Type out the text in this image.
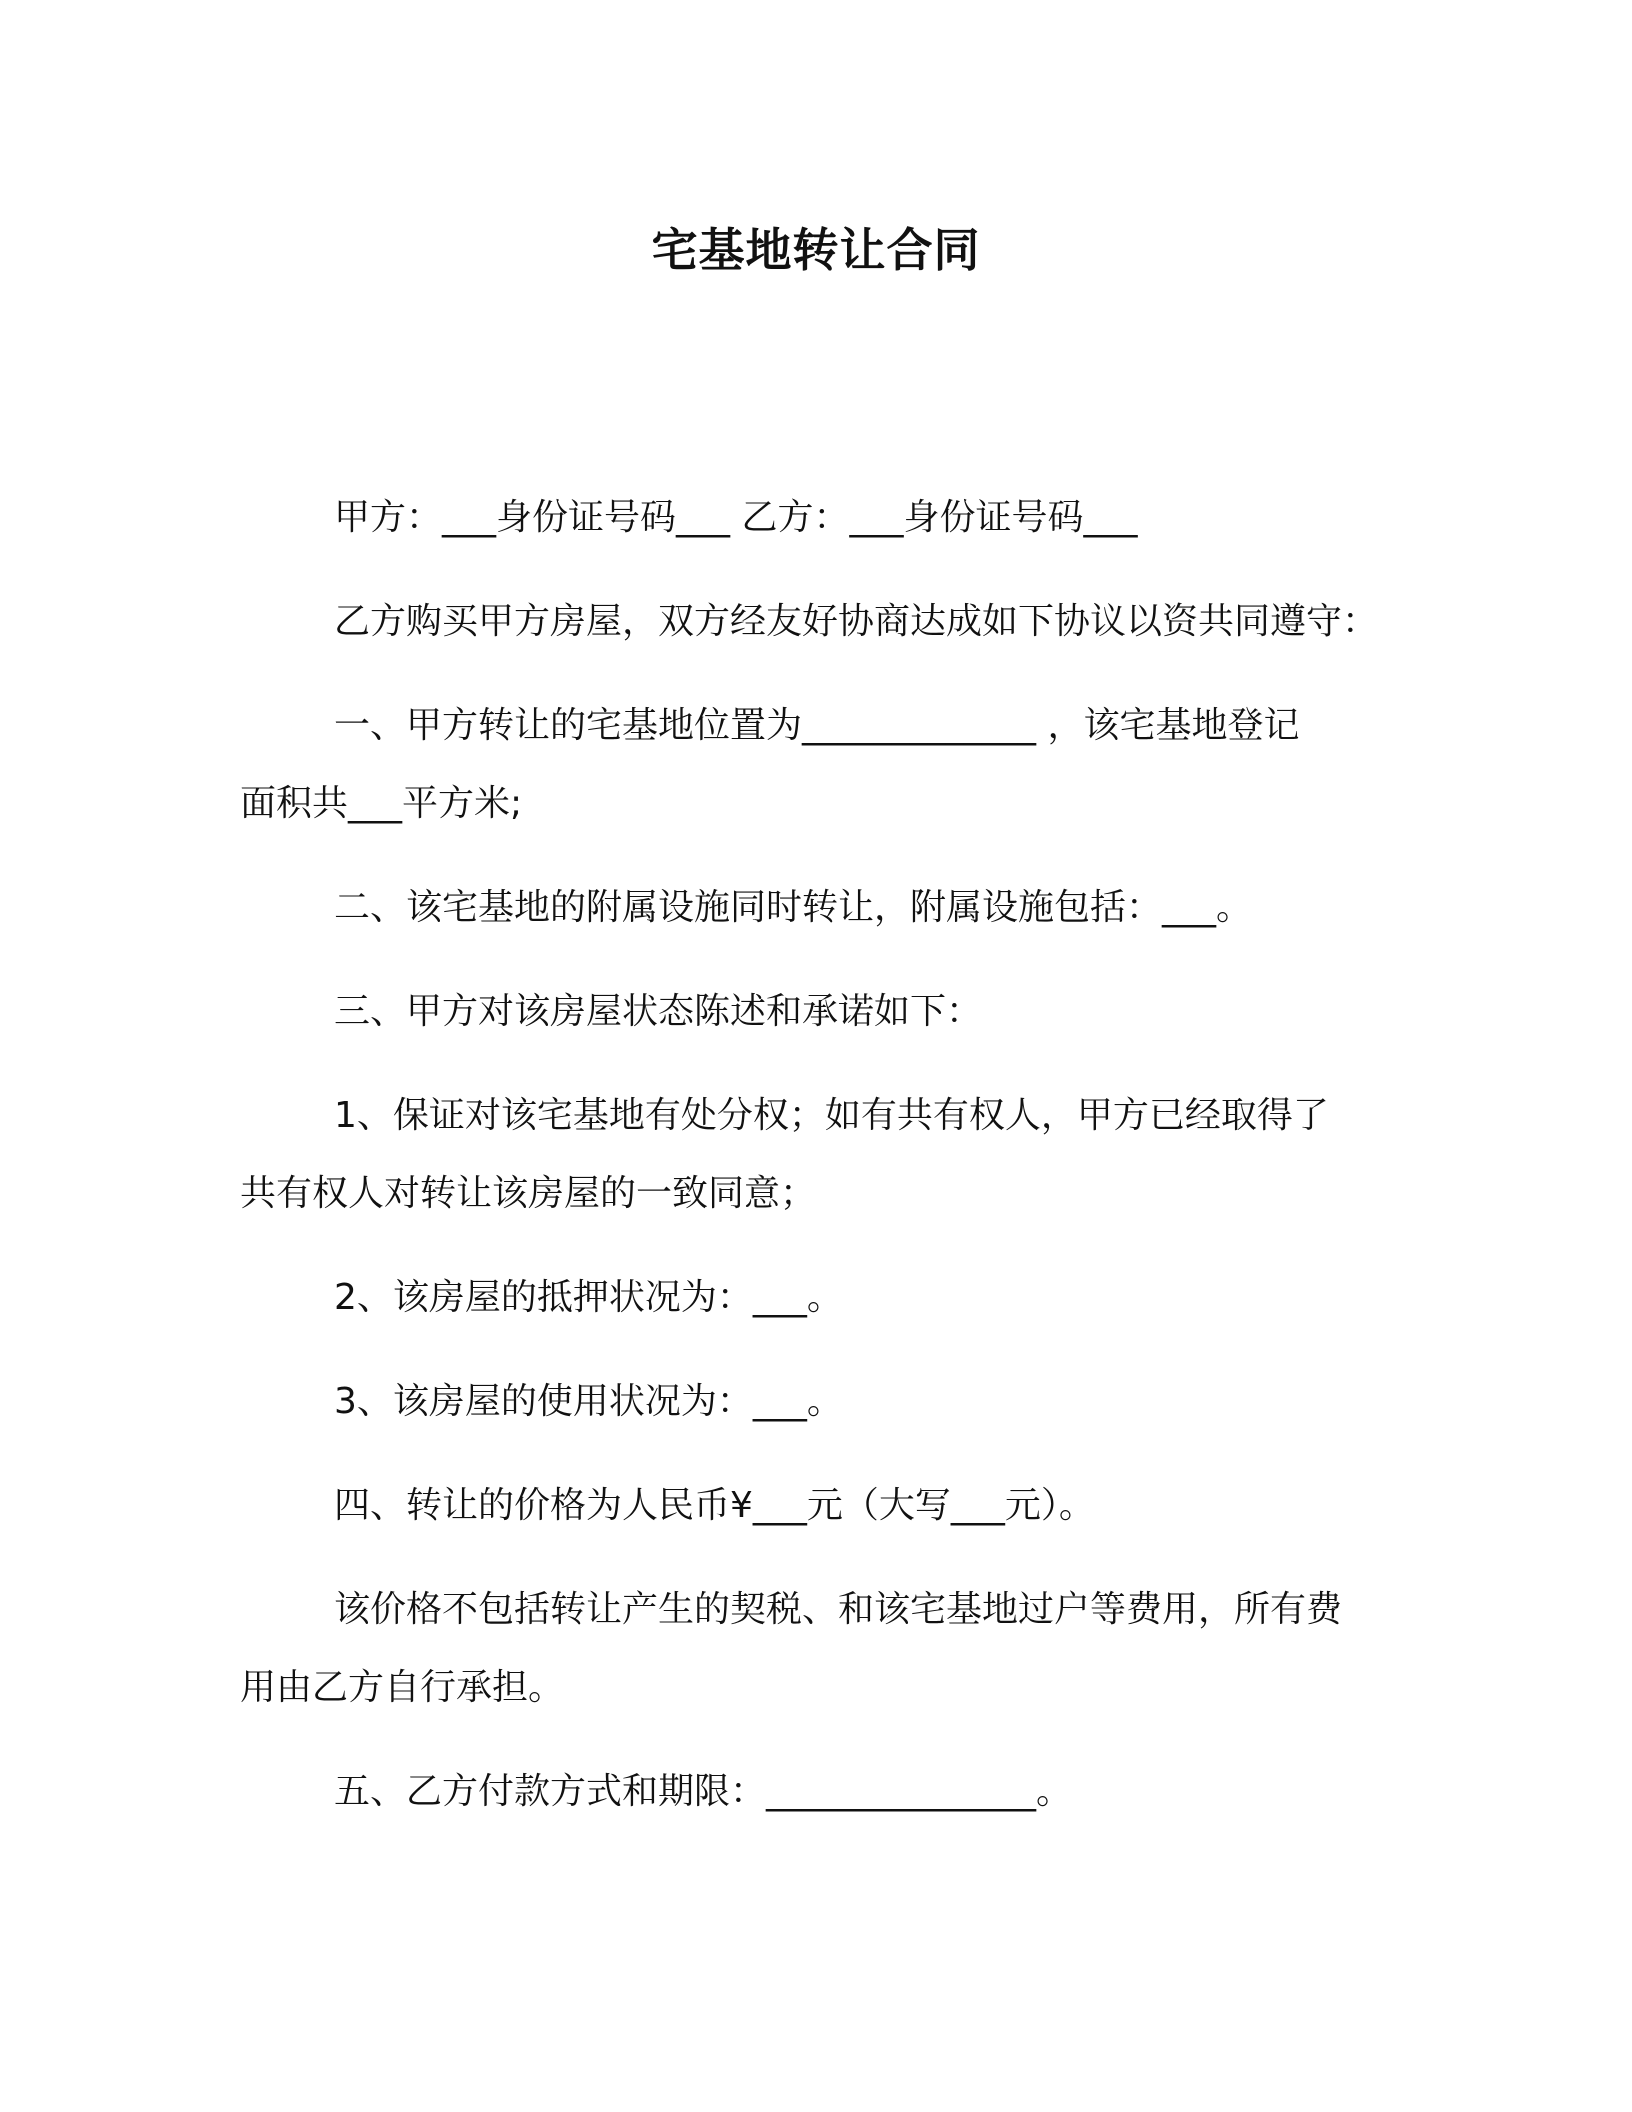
宅基地转让合同

甲方：___身份证号码___ 乙方：___身份证号码___

乙方购买甲方房屋，双方经友好协商达成如下协议以资共同遵守：

一、甲方转让的宅基地位置为_____________ ，该宅基地登记

面积共___平方米;

二、该宅基地的附属设施同时转让，附属设施包括：___。

三、甲方对该房屋状态陈述和承诺如下：

1、保证对该宅基地有处分权；如有共有权人，甲方已经取得了

共有权人对转让该房屋的一致同意；

2、该房屋的抵押状况为：___。

3、该房屋的使用状况为：___。

四、转让的价格为人民币¥___元（大写___元）。

该价格不包括转让产生的契税、和该宅基地过户等费用，所有费

用由乙方自行承担。

五、乙方付款方式和期限：_______________。
